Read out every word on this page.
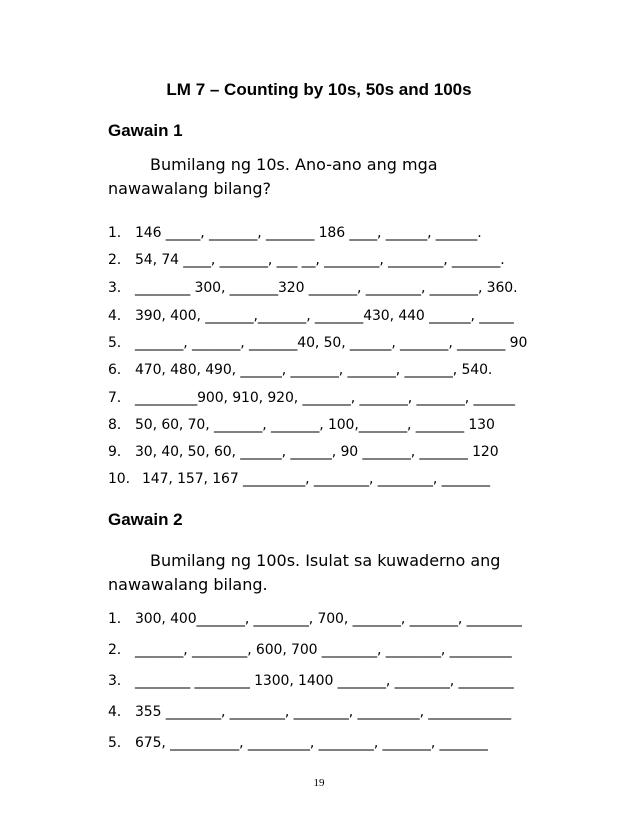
LM 7 – Counting by 10s, 50s and 100s
Gawain 1
Bumilang ng 10s. Ano-ano ang mga
nawawalang bilang?
1. 146 _____, _______, _______ 186 ____, ______, ______.
2. 54, 74 ____, _______, ___ __, ________, ________, _______.
3. ________ 300, _______320 _______, ________, _______, 360.
4. 390, 400, _______,_______, _______430, 440 ______, _____
5. _______, _______, _______40, 50, ______, _______, _______ 90
6. 470, 480, 490, ______, _______, _______, _______, 540.
7. _________900, 910, 920, _______, _______, _______, ______
8. 50, 60, 70, _______, _______, 100,_______, _______ 130
9. 30, 40, 50, 60, ______, ______, 90 _______, _______ 120
10. 147, 157, 167 _________, ________, ________, _______
Gawain 2
Bumilang ng 100s. Isulat sa kuwaderno ang
nawawalang bilang.
1. 300, 400_______, ________, 700, _______, _______, ________
2. _______, ________, 600, 700 ________, ________, _________
3. ________ ________ 1300, 1400 _______, ________, ________
4. 355 ________, ________, ________, _________, ____________
5. 675, __________, _________, ________, _______, _______
19
